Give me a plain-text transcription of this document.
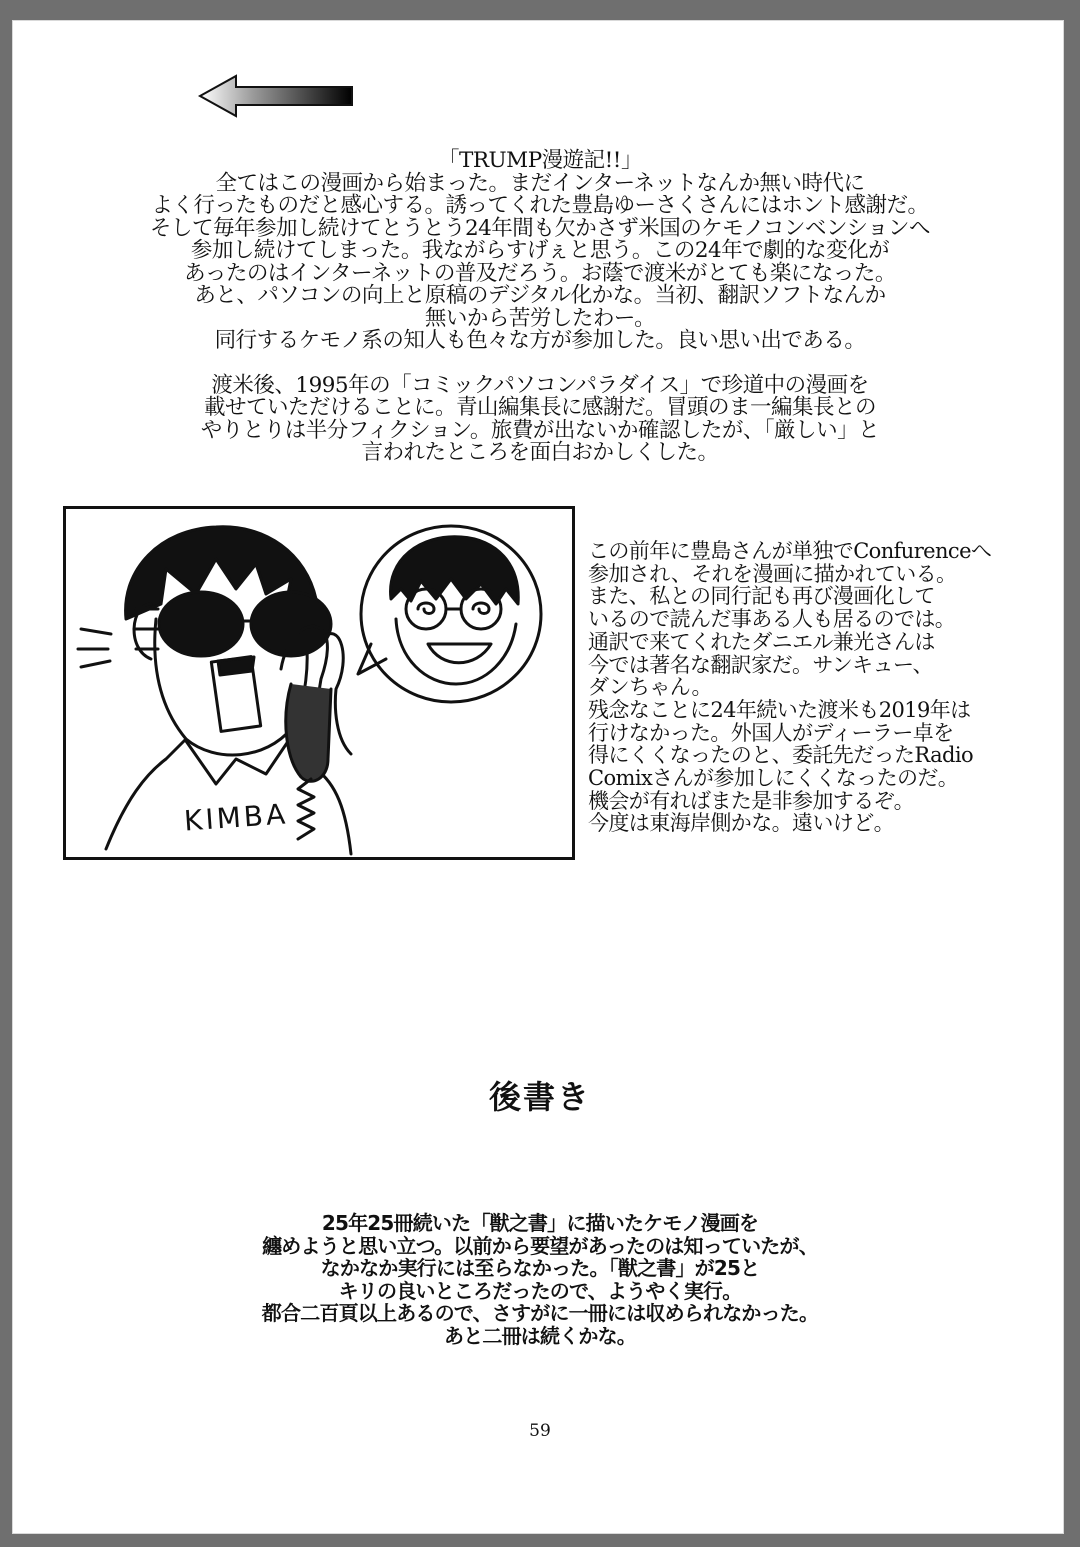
「TRUMP漫遊記!!」
全てはこの漫画から始まった。まだインターネットなんか無い時代に
よく行ったものだと感心する。誘ってくれた豊島ゆーさくさんにはホント感謝だ。
そして毎年参加し続けてとうとう24年間も欠かさず米国のケモノコンベンションへ
参加し続けてしまった。我ながらすげぇと思う。この24年で劇的な変化が
あったのはインターネットの普及だろう。お蔭で渡米がとても楽になった。
あと、パソコンの向上と原稿のデジタル化かな。当初、翻訳ソフトなんか
無いから苦労したわー。
同行するケモノ系の知人も色々な方が参加した。良い思い出である。
渡米後、1995年の「コミックパソコンパラダイス」で珍道中の漫画を
載せていただけることに。青山編集長に感謝だ。冒頭のま一編集長との
やりとりは半分フィクション。旅費が出ないか確認したが、「厳しい」と
言われたところを面白おかしくした。
KIMBA
この前年に豊島さんが単独でConfurenceへ
参加され、それを漫画に描かれている。
また、私との同行記も再び漫画化して
いるので読んだ事ある人も居るのでは。
通訳で来てくれたダニエル兼光さんは
今では著名な翻訳家だ。サンキュー、
ダンちゃん。
残念なことに24年続いた渡米も2019年は
行けなかった。外国人がディーラー卓を
得にくくなったのと、委託先だったRadio
Comixさんが参加しにくくなったのだ。
機会が有ればまた是非参加するぞ。
今度は東海岸側かな。遠いけど。
後書き
25年25冊続いた「獣之書」に描いたケモノ漫画を
纏めようと思い立つ。以前から要望があったのは知っていたが、
なかなか実行には至らなかった。「獣之書」が25と
キリの良いところだったので、ようやく実行。
都合二百頁以上あるので、さすがに一冊には収められなかった。
あと二冊は続くかな。
59
